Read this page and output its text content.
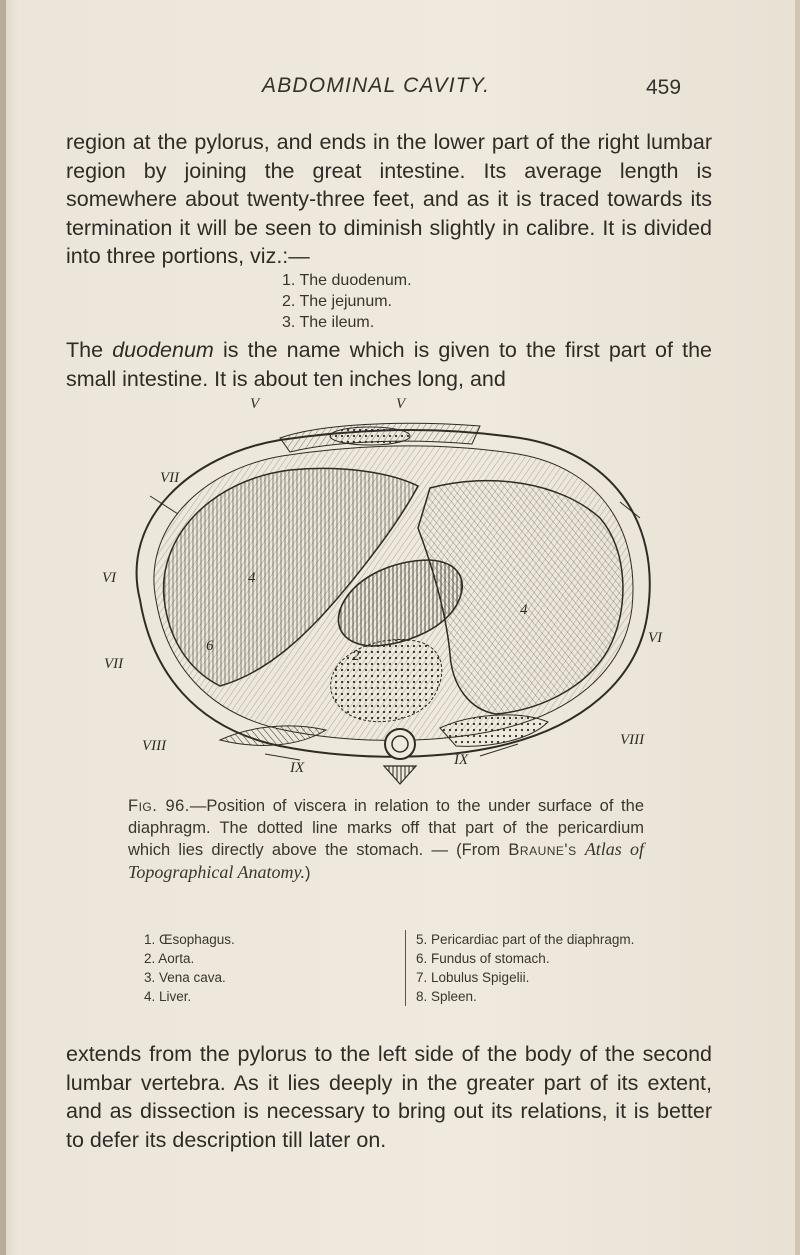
ABDOMINAL CAVITY.	459
region at the pylorus, and ends in the lower part of the right lumbar region by joining the great intestine. Its average length is somewhere about twenty-three feet, and as it is traced towards its termination it will be seen to diminish slightly in calibre. It is divided into three portions, viz.:—
1. The duodenum.
2. The jejunum.
3. The ileum.
The duodenum is the name which is given to the first part of the small intestine. It is about ten inches long, and
V	V
VI
VI
VII
VII
VIII	VIII
IX	IX
2
4
4
6
Fig. 96.—Position of viscera in relation to the under surface of the diaphragm. The dotted line marks off that part of the pericardium which lies directly above the stomach. — (From Braune's Atlas of Topographical Anatomy.)
1. Œsophagus.
2. Aorta.
3. Vena cava.
4. Liver.
5. Pericardiac part of the diaphragm.
6. Fundus of stomach.
7. Lobulus Spigelii.
8. Spleen.
extends from the pylorus to the left side of the body of the second lumbar vertebra. As it lies deeply in the greater part of its extent, and as dissection is necessary to bring out its relations, it is better to defer its description till later on.
